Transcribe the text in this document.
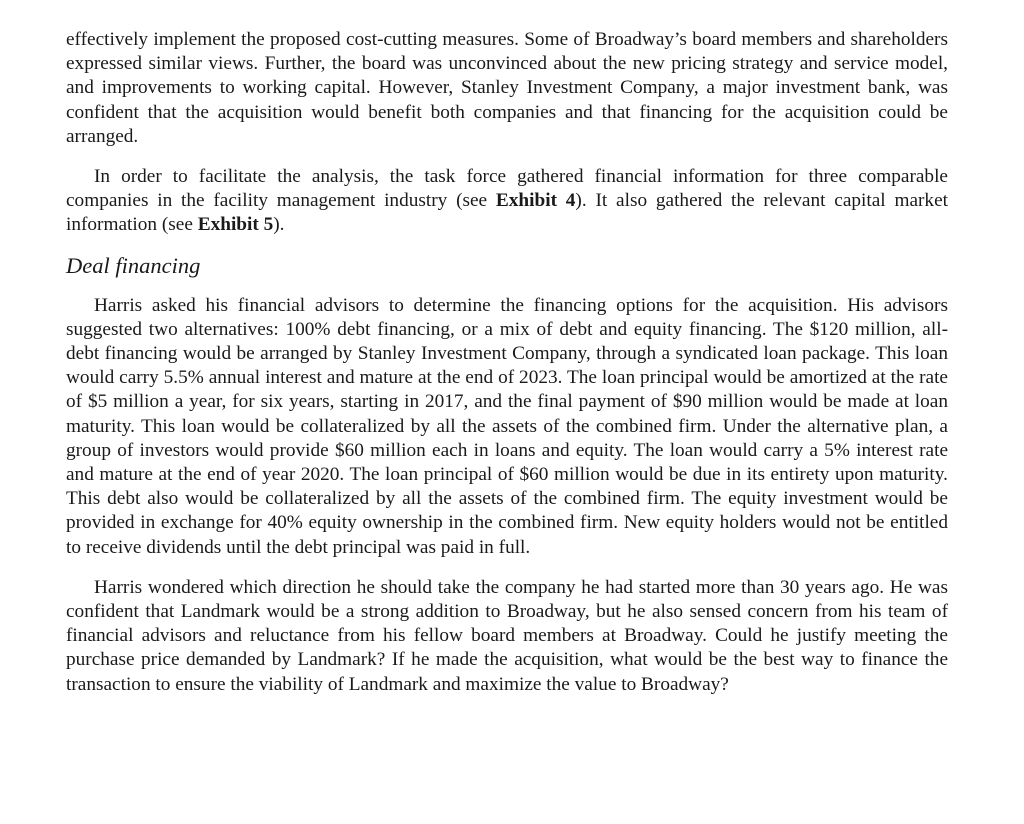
effectively implement the proposed cost-cutting measures. Some of Broadway’s board members and shareholders expressed similar views. Further, the board was unconvinced about the new pricing strategy and service model, and improvements to working capital. However, Stanley Investment Company, a major investment bank, was confident that the acquisition would benefit both companies and that financing for the acquisition could be arranged.

In order to facilitate the analysis, the task force gathered financial information for three comparable companies in the facility management industry (see Exhibit 4). It also gathered the relevant capital market information (see Exhibit 5).

Deal financing

Harris asked his financial advisors to determine the financing options for the acquisition. His advisors suggested two alternatives: 100% debt financing, or a mix of debt and equity financing. The $120 million, all-debt financing would be arranged by Stanley Investment Company, through a syndicated loan package. This loan would carry 5.5% annual interest and mature at the end of 2023. The loan principal would be amortized at the rate of $5 million a year, for six years, starting in 2017, and the final payment of $90 million would be made at loan maturity. This loan would be collateralized by all the assets of the combined firm. Under the alternative plan, a group of investors would provide $60 million each in loans and equity. The loan would carry a 5% interest rate and mature at the end of year 2020. The loan principal of $60 million would be due in its entirety upon maturity. This debt also would be collateralized by all the assets of the combined firm. The equity investment would be provided in exchange for 40% equity ownership in the combined firm. New equity holders would not be entitled to receive dividends until the debt principal was paid in full.

Harris wondered which direction he should take the company he had started more than 30 years ago. He was confident that Landmark would be a strong addition to Broadway, but he also sensed concern from his team of financial advisors and reluctance from his fellow board members at Broadway. Could he justify meeting the purchase price demanded by Landmark? If he made the acquisition, what would be the best way to finance the transaction to ensure the viability of Landmark and maximize the value to Broadway?
